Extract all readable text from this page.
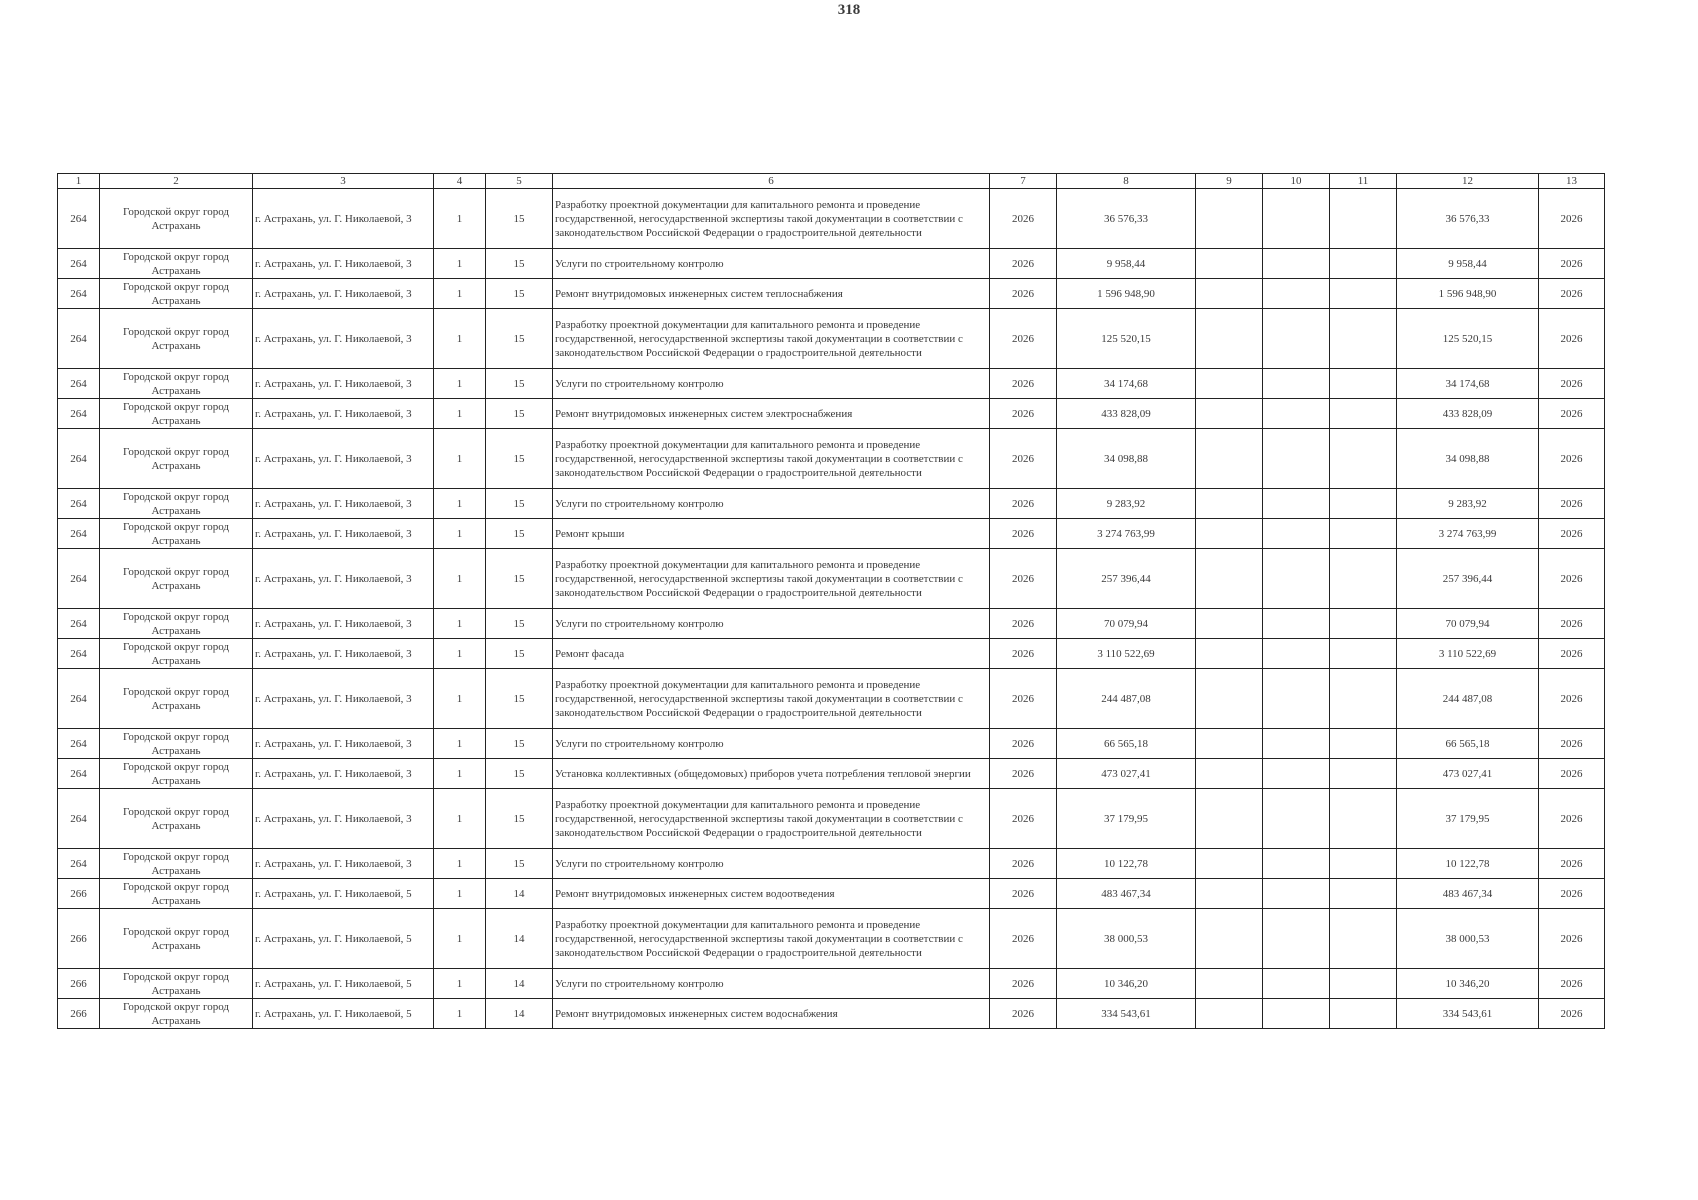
318
1	2	3	4	5	6	7	8	9	10	11	12	13
264	Городской округ город Астрахань	г. Астрахань, ул. Г. Николаевой, 3	1	15	Разработку проектной документации для капитального ремонта и проведение государственной, негосударственной экспертизы такой документации в соответствии с законодательством Российской Федерации о градостроительной деятельности	2026	36 576,33				36 576,33	2026
264	Городской округ город Астрахань	г. Астрахань, ул. Г. Николаевой, 3	1	15	Услуги по строительному контролю	2026	9 958,44				9 958,44	2026
264	Городской округ город Астрахань	г. Астрахань, ул. Г. Николаевой, 3	1	15	Ремонт внутридомовых инженерных систем теплоснабжения	2026	1 596 948,90				1 596 948,90	2026
264	Городской округ город Астрахань	г. Астрахань, ул. Г. Николаевой, 3	1	15	Разработку проектной документации для капитального ремонта и проведение государственной, негосударственной экспертизы такой документации в соответствии с законодательством Российской Федерации о градостроительной деятельности	2026	125 520,15				125 520,15	2026
264	Городской округ город Астрахань	г. Астрахань, ул. Г. Николаевой, 3	1	15	Услуги по строительному контролю	2026	34 174,68				34 174,68	2026
264	Городской округ город Астрахань	г. Астрахань, ул. Г. Николаевой, 3	1	15	Ремонт внутридомовых инженерных систем электроснабжения	2026	433 828,09				433 828,09	2026
264	Городской округ город Астрахань	г. Астрахань, ул. Г. Николаевой, 3	1	15	Разработку проектной документации для капитального ремонта и проведение государственной, негосударственной экспертизы такой документации в соответствии с законодательством Российской Федерации о градостроительной деятельности	2026	34 098,88				34 098,88	2026
264	Городской округ город Астрахань	г. Астрахань, ул. Г. Николаевой, 3	1	15	Услуги по строительному контролю	2026	9 283,92				9 283,92	2026
264	Городской округ город Астрахань	г. Астрахань, ул. Г. Николаевой, 3	1	15	Ремонт крыши	2026	3 274 763,99				3 274 763,99	2026
264	Городской округ город Астрахань	г. Астрахань, ул. Г. Николаевой, 3	1	15	Разработку проектной документации для капитального ремонта и проведение государственной, негосударственной экспертизы такой документации в соответствии с законодательством Российской Федерации о градостроительной деятельности	2026	257 396,44				257 396,44	2026
264	Городской округ город Астрахань	г. Астрахань, ул. Г. Николаевой, 3	1	15	Услуги по строительному контролю	2026	70 079,94				70 079,94	2026
264	Городской округ город Астрахань	г. Астрахань, ул. Г. Николаевой, 3	1	15	Ремонт фасада	2026	3 110 522,69				3 110 522,69	2026
264	Городской округ город Астрахань	г. Астрахань, ул. Г. Николаевой, 3	1	15	Разработку проектной документации для капитального ремонта и проведение государственной, негосударственной экспертизы такой документации в соответствии с законодательством Российской Федерации о градостроительной деятельности	2026	244 487,08				244 487,08	2026
264	Городской округ город Астрахань	г. Астрахань, ул. Г. Николаевой, 3	1	15	Услуги по строительному контролю	2026	66 565,18				66 565,18	2026
264	Городской округ город Астрахань	г. Астрахань, ул. Г. Николаевой, 3	1	15	Установка коллективных (общедомовых) приборов учета потребления тепловой энергии	2026	473 027,41				473 027,41	2026
264	Городской округ город Астрахань	г. Астрахань, ул. Г. Николаевой, 3	1	15	Разработку проектной документации для капитального ремонта и проведение государственной, негосударственной экспертизы такой документации в соответствии с законодательством Российской Федерации о градостроительной деятельности	2026	37 179,95				37 179,95	2026
264	Городской округ город Астрахань	г. Астрахань, ул. Г. Николаевой, 3	1	15	Услуги по строительному контролю	2026	10 122,78				10 122,78	2026
266	Городской округ город Астрахань	г. Астрахань, ул. Г. Николаевой, 5	1	14	Ремонт внутридомовых инженерных систем водоотведения	2026	483 467,34				483 467,34	2026
266	Городской округ город Астрахань	г. Астрахань, ул. Г. Николаевой, 5	1	14	Разработку проектной документации для капитального ремонта и проведение государственной, негосударственной экспертизы такой документации в соответствии с законодательством Российской Федерации о градостроительной деятельности	2026	38 000,53				38 000,53	2026
266	Городской округ город Астрахань	г. Астрахань, ул. Г. Николаевой, 5	1	14	Услуги по строительному контролю	2026	10 346,20				10 346,20	2026
266	Городской округ город Астрахань	г. Астрахань, ул. Г. Николаевой, 5	1	14	Ремонт внутридомовых инженерных систем водоснабжения	2026	334 543,61				334 543,61	2026
